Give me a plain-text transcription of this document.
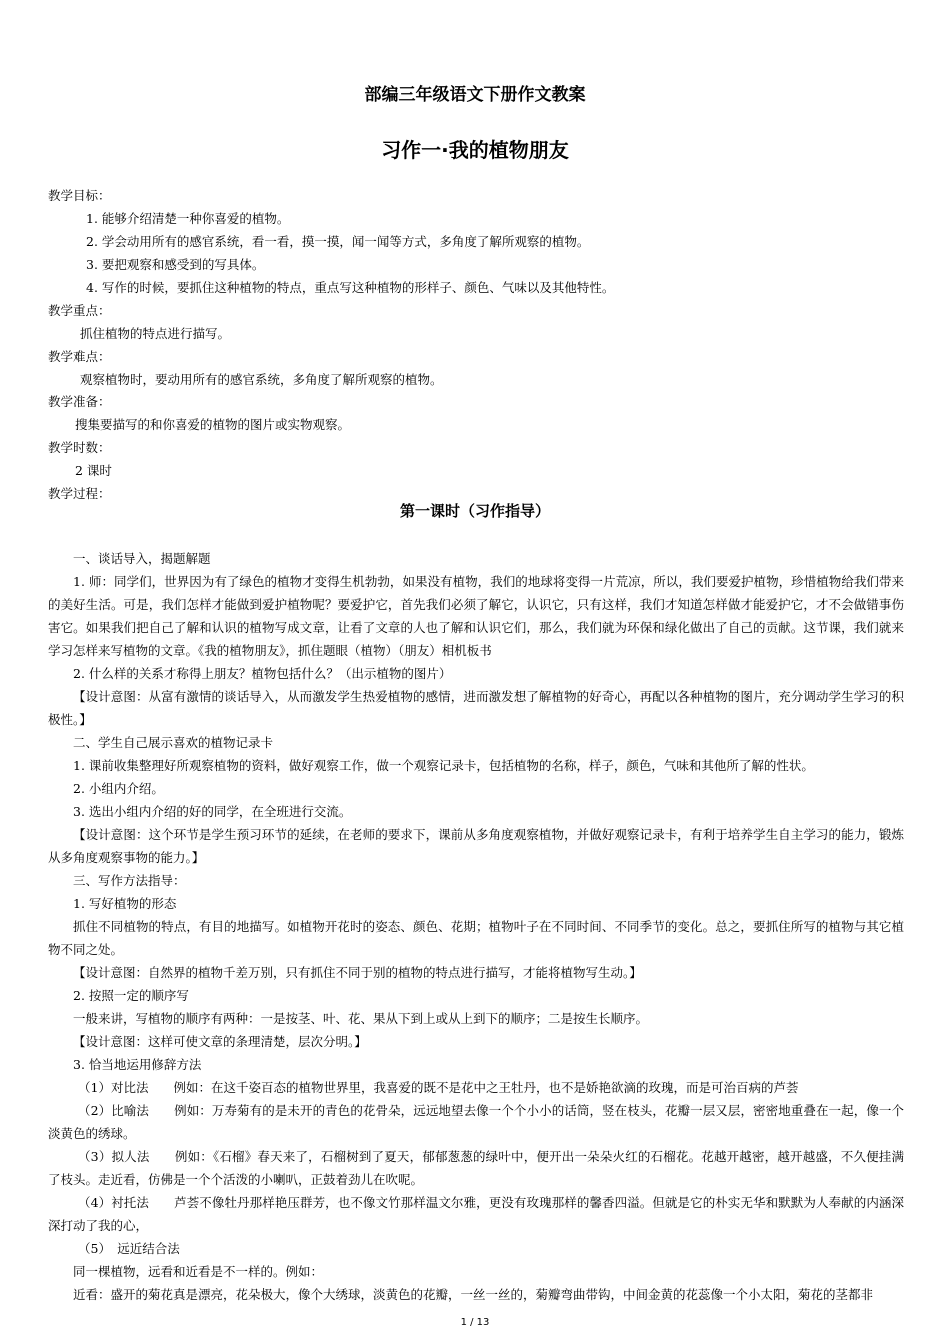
部编三年级语文下册作文教案
习作一·我的植物朋友
教学目标：
1. 能够介绍清楚一种你喜爱的植物。
2. 学会动用所有的感官系统，看一看，摸一摸，闻一闻等方式，多角度了解所观察的植物。
3. 要把观察和感受到的写具体。
4. 写作的时候，要抓住这种植物的特点，重点写这种植物的形样子、颜色、气味以及其他特性。
教学重点：
抓住植物的特点进行描写。
教学难点：
观察植物时，要动用所有的感官系统，多角度了解所观察的植物。
教学准备：
搜集要描写的和你喜爱的植物的图片或实物观察。
教学时数：
2 课时
教学过程：
第一课时（习作指导）
一、谈话导入，揭题解题
1. 师：同学们，世界因为有了绿色的植物才变得生机勃勃，如果没有植物，我们的地球将变得一片荒凉，所以，我们要爱护植物，珍惜植物给我们带来的美好生活。可是，我们怎样才能做到爱护植物呢？要爱护它，首先我们必须了解它，认识它，只有这样，我们才知道怎样做才能爱护它，才不会做错事伤害它。如果我们把自己了解和认识的植物写成文章，让看了文章的人也了解和认识它们，那么，我们就为环保和绿化做出了自己的贡献。这节课，我们就来学习怎样来写植物的文章。《我的植物朋友》，抓住题眼（植物）（朋友）相机板书
2. 什么样的关系才称得上朋友？植物包括什么？（出示植物的图片）
【设计意图：从富有激情的谈话导入，从而激发学生热爱植物的感情，进而激发想了解植物的好奇心，再配以各种植物的图片，充分调动学生学习的积极性。】
二、学生自己展示喜欢的植物记录卡
1. 课前收集整理好所观察植物的资料，做好观察工作，做一个观察记录卡，包括植物的名称，样子，颜色，气味和其他所了解的性状。
2. 小组内介绍。
3. 选出小组内介绍的好的同学，在全班进行交流。
【设计意图：这个环节是学生预习环节的延续，在老师的要求下，课前从多角度观察植物，并做好观察记录卡，有利于培养学生自主学习的能力，锻炼从多角度观察事物的能力。】
三、写作方法指导：
1. 写好植物的形态
抓住不同植物的特点，有目的地描写。如植物开花时的姿态、颜色、花期；植物叶子在不同时间、不同季节的变化。总之，要抓住所写的植物与其它植物不同之处。
【设计意图：自然界的植物千差万别，只有抓住不同于别的植物的特点进行描写，才能将植物写生动。】
2. 按照一定的顺序写
一般来讲，写植物的顺序有两种：一是按茎、叶、花、果从下到上或从上到下的顺序；二是按生长顺序。
【设计意图：这样可使文章的条理清楚，层次分明。】
3. 恰当地运用修辞方法
（1）对比法　　例如：在这千姿百态的植物世界里，我喜爱的既不是花中之王牡丹，也不是娇艳欲滴的玫瑰，而是可治百病的芦荟
（2）比喻法　　例如：万寿菊有的是未开的青色的花骨朵，远远地望去像一个个小小的话筒，竖在枝头，花瓣一层又层，密密地重叠在一起，像一个淡黄色的绣球。
（3）拟人法　　例如：《石榴》春天来了，石榴树到了夏天，郁郁葱葱的绿叶中，便开出一朵朵火红的石榴花。花越开越密，越开越盛，不久便挂满了枝头。走近看，仿佛是一个个活泼的小喇叭，正鼓着劲儿在吹呢。
（4）衬托法　　芦荟不像牡丹那样艳压群芳，也不像文竹那样温文尔雅，更没有玫瑰那样的馨香四溢。但就是它的朴实无华和默默为人奉献的内涵深深打动了我的心，
（5）　远近结合法
同一棵植物，远看和近看是不一样的。例如：
近看：盛开的菊花真是漂亮，花朵极大，像个大绣球，淡黄色的花瓣，一丝一丝的，菊瓣弯曲带钩，中间金黄的花蕊像一个小太阳，菊花的茎都非
1 / 13
